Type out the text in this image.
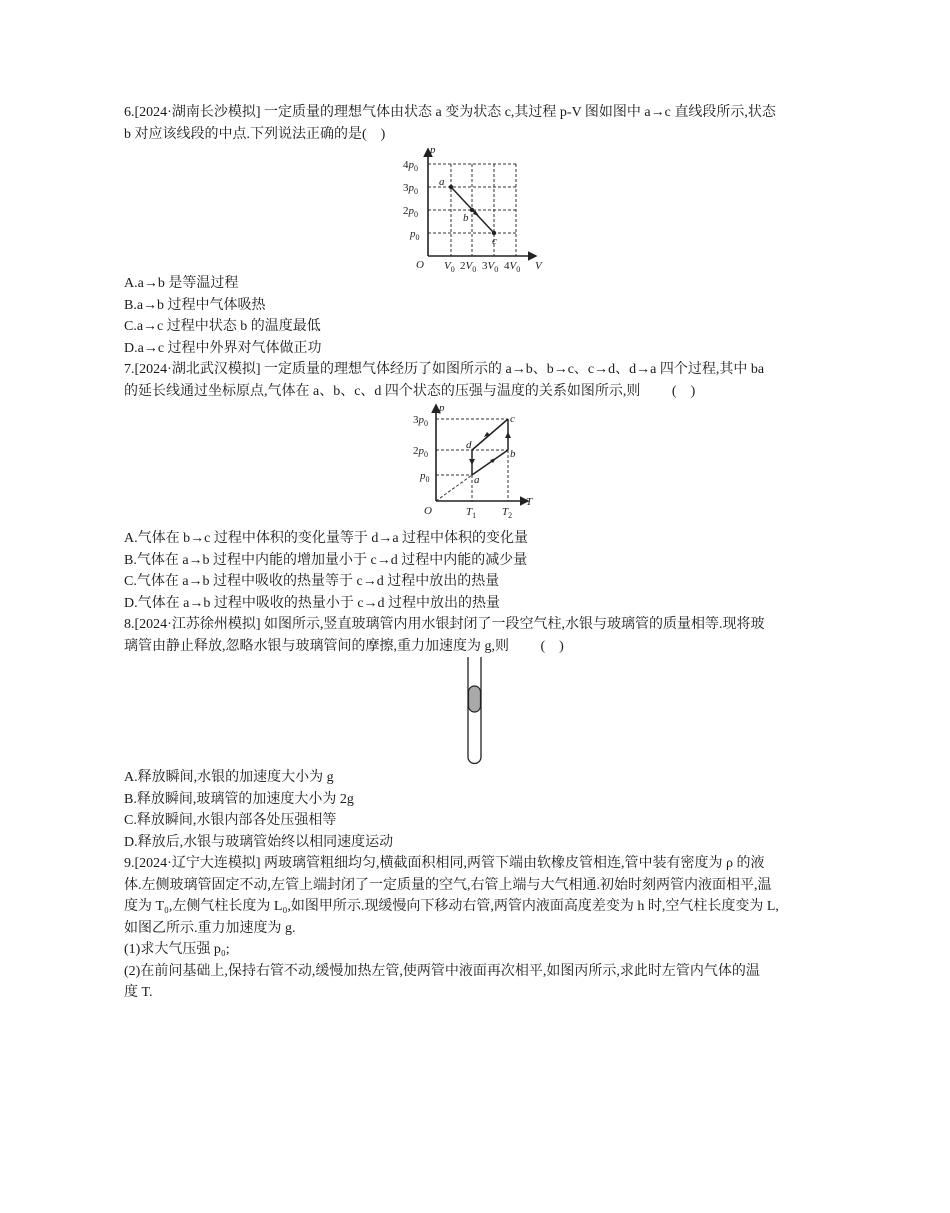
6.[2024·湖南长沙模拟] 一定质量的理想气体由状态 a 变为状态 c,其过程 p-V 图如图中 a→c 直线段所示,状态
b 对应该线段的中点.下列说法正确的是(　)
p
a
b
c
O	V
$4p_0$
$3p_0$
$2p_0$
$p_0$
$V_0$ $2V_0$ $3V_0$ $4V_0$
A.a→b 是等温过程
B.a→b 过程中气体吸热
C.a→c 过程中状态 b 的温度最低
D.a→c 过程中外界对气体做正功
7.[2024·湖北武汉模拟] 一定质量的理想气体经历了如图所示的 a→b、b→c、c→d、d→a 四个过程,其中 ba
的延长线通过坐标原点,气体在 a、b、c、d 四个状态的压强与温度的关系如图所示,则　　 (　)
p
c
b
d
a
O
T
$3p_0$
$2p_0$
$p_0$
$T_1$ $T_2$
A.气体在 b→c 过程中体积的变化量等于 d→a 过程中体积的变化量
B.气体在 a→b 过程中内能的增加量小于 c→d 过程中内能的减少量
C.气体在 a→b 过程中吸收的热量等于 c→d 过程中放出的热量
D.气体在 a→b 过程中吸收的热量小于 c→d 过程中放出的热量
8.[2024·江苏徐州模拟] 如图所示,竖直玻璃管内用水银封闭了一段空气柱,水银与玻璃管的质量相等.现将玻
璃管由静止释放,忽略水银与玻璃管间的摩擦,重力加速度为 g,则　　 (　)
A.释放瞬间,水银的加速度大小为 g
B.释放瞬间,玻璃管的加速度大小为 2g
C.释放瞬间,水银内部各处压强相等
D.释放后,水银与玻璃管始终以相同速度运动
9.[2024·辽宁大连模拟] 两玻璃管粗细均匀,横截面积相同,两管下端由软橡皮管相连,管中装有密度为 ρ 的液
体.左侧玻璃管固定不动,左管上端封闭了一定质量的空气,右管上端与大气相通.初始时刻两管内液面相平,温
度为 T₀,左侧气柱长度为 L₀,如图甲所示.现缓慢向下移动右管,两管内液面高度差变为 h 时,空气柱长度变为 L,
如图乙所示.重力加速度为 g.
(1)求大气压强 p₀;
(2)在前问基础上,保持右管不动,缓慢加热左管,使两管中液面再次相平,如图丙所示,求此时左管内气体的温
度 T.
